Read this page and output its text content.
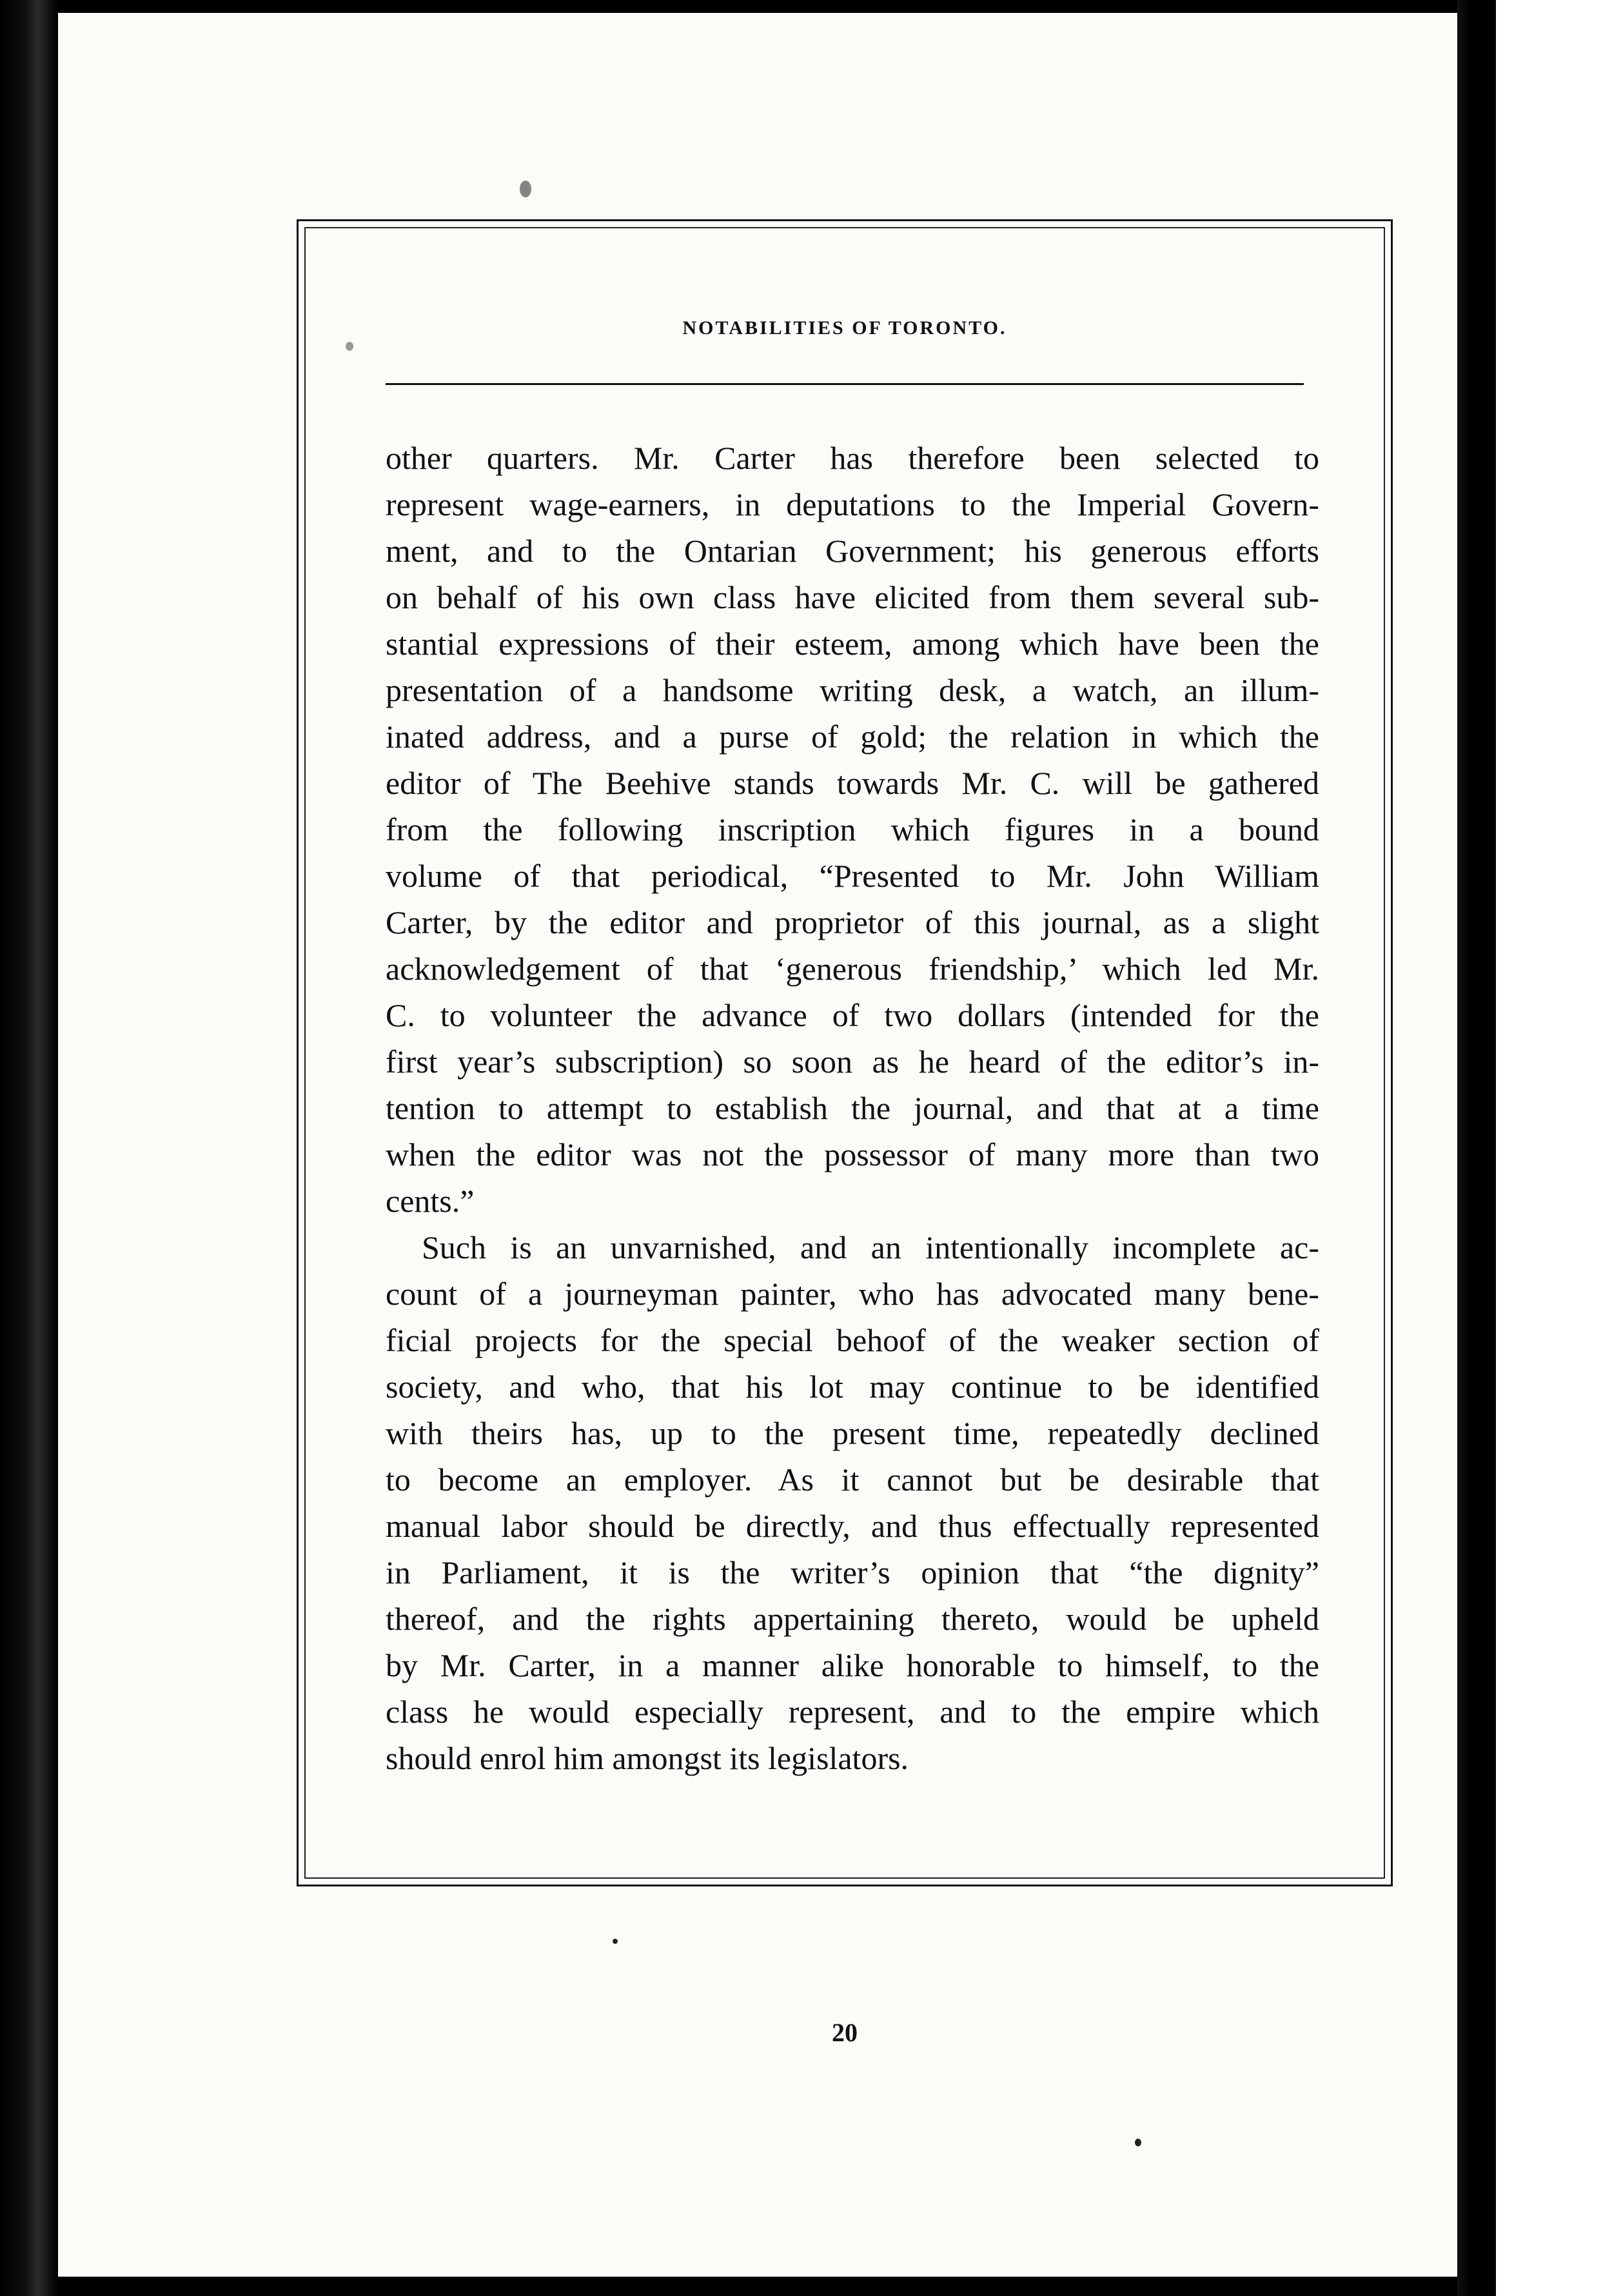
NOTABILITIES OF TORONTO.
other quarters. Mr. Carter has therefore been selected to
represent wage-earners, in deputations to the Imperial Govern-
ment, and to the Ontarian Government; his generous efforts
on behalf of his own class have elicited from them several sub-
stantial expressions of their esteem, among which have been the
presentation of a handsome writing desk, a watch, an illum-
inated address, and a purse of gold; the relation in which the
editor of The Beehive stands towards Mr. C. will be gathered
from the following inscription which figures in a bound
volume of that periodical, “Presented to Mr. John William
Carter, by the editor and proprietor of this journal, as a slight
acknowledgement of that ‘generous friendship,’ which led Mr.
C. to volunteer the advance of two dollars (intended for the
first year’s subscription) so soon as he heard of the editor’s in-
tention to attempt to establish the journal, and that at a time
when the editor was not the possessor of many more than two
cents.”
Such is an unvarnished, and an intentionally incomplete ac-
count of a journeyman painter, who has advocated many bene-
ficial projects for the special behoof of the weaker section of
society, and who, that his lot may continue to be identified
with theirs has, up to the present time, repeatedly declined
to become an employer. As it cannot but be desirable that
manual labor should be directly, and thus effectually represented
in Parliament, it is the writer’s opinion that “the dignity”
thereof, and the rights appertaining thereto, would be upheld
by Mr. Carter, in a manner alike honorable to himself, to the
class he would especially represent, and to the empire which
should enrol him amongst its legislators.
20
